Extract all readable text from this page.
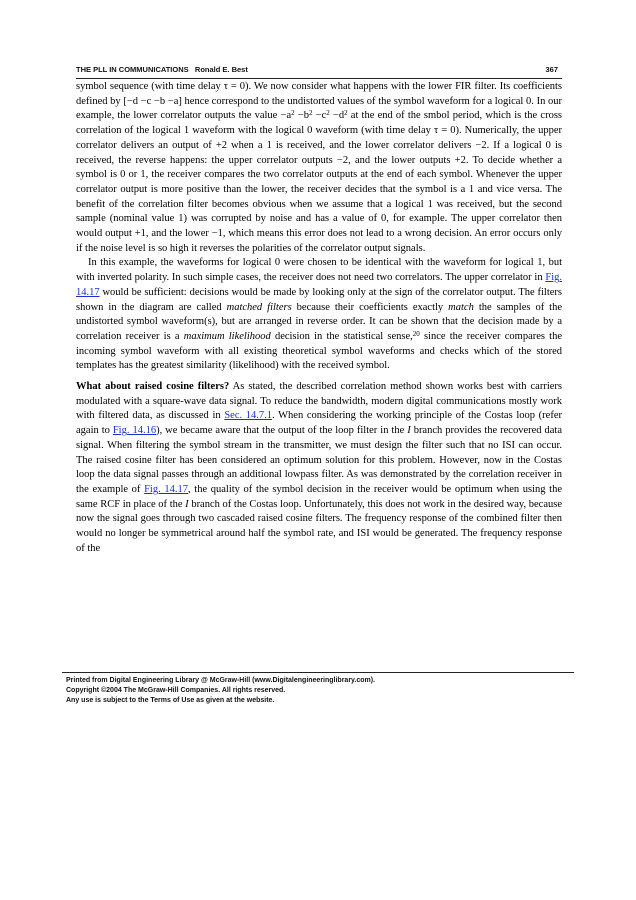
THE PLL IN COMMUNICATIONS Ronald E. Best	367

symbol sequence (with time delay τ = 0). We now consider what happens with the lower FIR filter. Its coefficients defined by [−d −c −b −a] hence correspond to the undistorted values of the symbol waveform for a logical 0. In our example, the lower correlator outputs the value $-a^2 -b^2 -c^2 -d^2$ at the end of the smbol period, which is the cross correlation of the logical 1 waveform with the logical 0 waveform (with time delay τ = 0). Numerically, the upper correlator delivers an output of +2 when a 1 is received, and the lower correlator delivers −2. If a logical 0 is received, the reverse happens: the upper correlator outputs −2, and the lower outputs +2. To decide whether a symbol is 0 or 1, the receiver compares the two correlator outputs at the end of each symbol. Whenever the upper correlator output is more positive than the lower, the receiver decides that the symbol is a 1 and vice versa. The benefit of the correlation filter becomes obvious when we assume that a logical 1 was received, but the second sample (nominal value 1) was corrupted by noise and has a value of 0, for example. The upper correlator then would output +1, and the lower −1, which means this error does not lead to a wrong decision. An error occurs only if the noise level is so high it reverses the polarities of the correlator output signals.

In this example, the waveforms for logical 0 were chosen to be identical with the waveform for logical 1, but with inverted polarity. In such simple cases, the receiver does not need two correlators. The upper correlator in Fig. 14.17 would be sufficient: decisions would be made by looking only at the sign of the correlator output. The filters shown in the diagram are called matched filters because their coefficients exactly match the samples of the undistorted symbol waveform(s), but are arranged in reverse order. It can be shown that the decision made by a correlation receiver is a maximum likelihood decision in the statistical sense,$^{20}$ since the receiver compares the incoming symbol waveform with all existing theoretical symbol waveforms and checks which of the stored templates has the greatest similarity (likelihood) with the received symbol.

What about raised cosine filters? As stated, the described correlation method shown works best with carriers modulated with a square-wave data signal. To reduce the bandwidth, modern digital communications mostly work with filtered data, as discussed in Sec. 14.7.1. When considering the working principle of the Costas loop (refer again to Fig. 14.16), we became aware that the output of the loop filter in the I branch provides the recovered data signal. When filtering the symbol stream in the transmitter, we must design the filter such that no ISI can occur. The raised cosine filter has been considered an optimum solution for this problem. However, now in the Costas loop the data signal passes through an additional lowpass filter. As was demonstrated by the correlation receiver in the example of Fig. 14.17, the quality of the symbol decision in the receiver would be optimum when using the same RCF in place of the I branch of the Costas loop. Unfortunately, this does not work in the desired way, because now the signal goes through two cascaded raised cosine filters. The frequency response of the combined filter then would no longer be symmetrical around half the symbol rate, and ISI would be generated. The frequency response of the

Printed from Digital Engineering Library @ McGraw-Hill (www.Digitalengineeringlibrary.com).
Copyright ©2004 The McGraw-Hill Companies. All rights reserved.
Any use is subject to the Terms of Use as given at the website.
